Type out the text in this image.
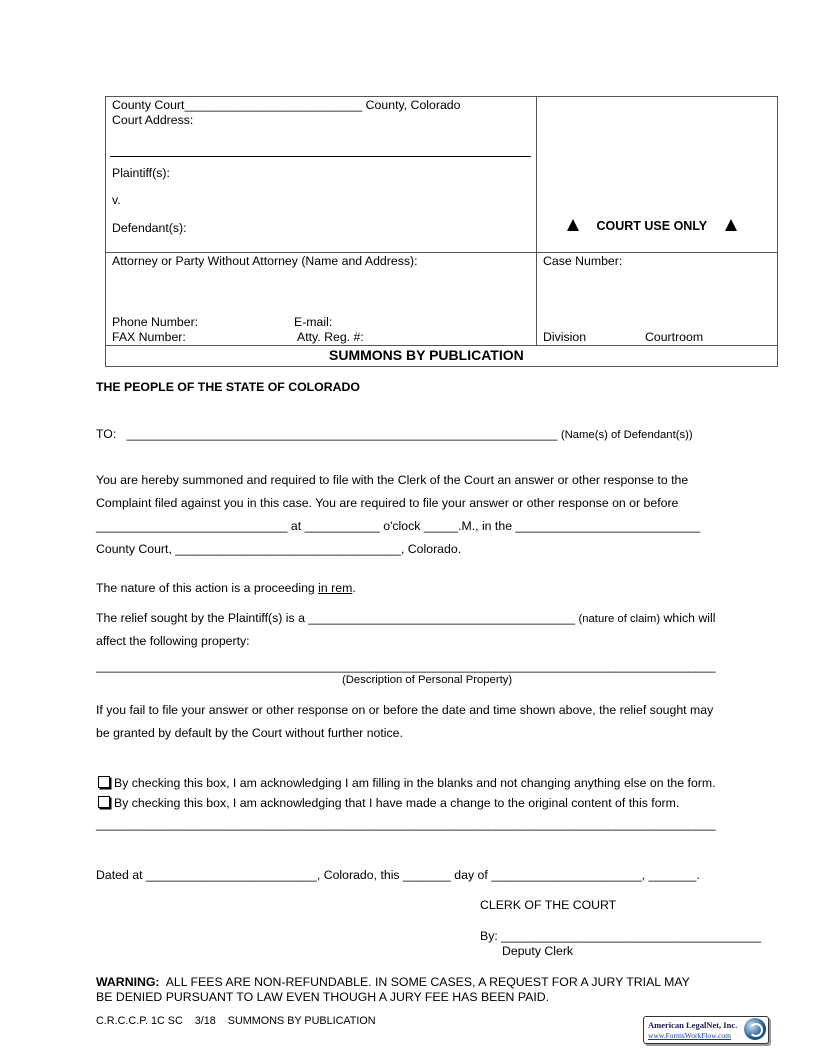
County Court__________________________ County, Colorado
Court Address:
Plaintiff(s):
v.
Defendant(s):	COURT USE ONLY
Attorney or Party Without Attorney (Name and Address):
Phone Number:	E-mail:
FAX Number:	Atty. Reg. #:
Case Number:
Division	Courtroom
SUMMONS BY PUBLICATION
THE PEOPLE OF THE STATE OF COLORADO
TO: _______________________________________________________________ (Name(s) of Defendant(s))
You are hereby summoned and required to file with the Clerk of the Court an answer or other response to the
Complaint filed against you in this case. You are required to file your answer or other response on or before
____________________________ at ___________ o'clock _____.M., in the ___________________________
County Court, _________________________________, Colorado.
The nature of this action is a proceeding in rem.
The relief sought by the Plaintiff(s) is a _______________________________________ (nature of claim) which will
affect the following property:
_____________________________________________________________________________________________
(Description of Personal Property)
If you fail to file your answer or other response on or before the date and time shown above, the relief sought may
be granted by default by the Court without further notice.
By checking this box, I am acknowledging I am filling in the blanks and not changing anything else on the form.
By checking this box, I am acknowledging that I have made a change to the original content of this form.
_____________________________________________________________________________________________
Dated at _________________________, Colorado, this _______ day of ______________________, _______.
CLERK OF THE COURT
By: ______________________________________
Deputy Clerk
WARNING: ALL FEES ARE NON-REFUNDABLE. IN SOME CASES, A REQUEST FOR A JURY TRIAL MAY
BE DENIED PURSUANT TO LAW EVEN THOUGH A JURY FEE HAS BEEN PAID.
C.R.C.C.P. 1C SC    3/18    SUMMONS BY PUBLICATION	American LegalNet, Inc.
www.FormsWorkFlow.com
